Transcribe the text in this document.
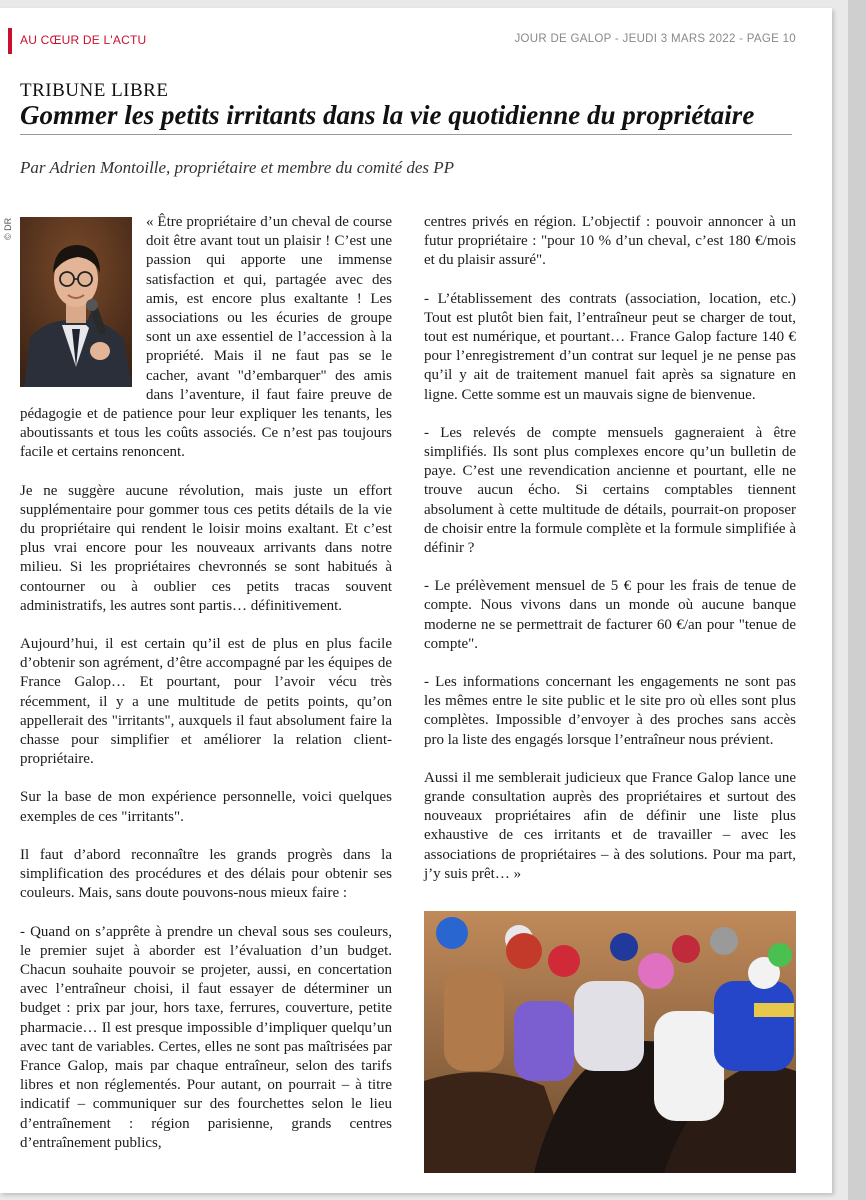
AU CŒUR DE L'ACTU	JOUR DE GALOP - JEUDI 3 MARS 2022 - PAGE 10
TRIBUNE LIBRE
Gommer les petits irritants dans la vie quotidienne du propriétaire
Par Adrien Montoille, propriétaire et membre du comité des PP
© DR	« Être propriétaire d’un cheval de course doit être avant tout un plaisir ! C’est une passion qui apporte une immense satisfaction et qui, partagée avec des amis, est encore plus exaltante ! Les associations ou les écuries de groupe sont un axe essentiel de l’accession à la propriété. Mais il ne faut pas se le cacher, avant "d’embarquer" des amis dans l’aventure, il faut faire preuve de pédagogie et de patience pour leur expliquer les tenants, les aboutissants et tous les coûts associés. Ce n’est pas toujours facile et certains renoncent.

Je ne suggère aucune révolution, mais juste un effort supplémentaire pour gommer tous ces petits détails de la vie du propriétaire qui rendent le loisir moins exaltant. Et c’est plus vrai encore pour les nouveaux arrivants dans notre milieu. Si les propriétaires chevronnés se sont habitués à contourner ou à oublier ces petits tracas souvent administratifs, les autres sont partis… définitivement.

Aujourd’hui, il est certain qu’il est de plus en plus facile d’obtenir son agrément, d’être accompagné par les équipes de France Galop… Et pourtant, pour l’avoir vécu très récemment, il y a une multitude de petits points, qu’on appellerait des "irritants", auxquels il faut absolument faire la chasse pour simplifier et améliorer la relation client-propriétaire.

Sur la base de mon expérience personnelle, voici quelques exemples de ces "irritants".

Il faut d’abord reconnaître les grands progrès dans la simplification des procédures et des délais pour obtenir ses couleurs. Mais, sans doute pouvons-nous mieux faire :

- Quand on s’apprête à prendre un cheval sous ses couleurs, le premier sujet à aborder est l’évaluation d’un budget. Chacun souhaite pouvoir se projeter, aussi, en concertation avec l’entraîneur choisi, il faut essayer de déterminer un budget : prix par jour, hors taxe, ferrures, couverture, petite pharmacie… Il est presque impossible d’impliquer quelqu’un avec tant de variables. Certes, elles ne sont pas maîtrisées par France Galop, mais par chaque entraîneur, selon des tarifs libres et non réglementés. Pour autant, on pourrait – à titre indicatif – communiquer sur des fourchettes selon le lieu d’entraînement : région parisienne, grands centres d’entraînement publics,

centres privés en région. L’objectif : pouvoir annoncer à un futur propriétaire : "pour 10 % d’un cheval, c’est 180 €/mois et du plaisir assuré".

- L’établissement des contrats (association, location, etc.) Tout est plutôt bien fait, l’entraîneur peut se charger de tout, tout est numérique, et pourtant… France Galop facture 140 € pour l’enregistrement d’un contrat sur lequel je ne pense pas qu’il y ait de traitement manuel fait après sa signature en ligne. Cette somme est un mauvais signe de bienvenue.

- Les relevés de compte mensuels gagneraient à être simplifiés. Ils sont plus complexes encore qu’un bulletin de paye. C’est une revendication ancienne et pourtant, elle ne trouve aucun écho. Si certains comptables tiennent absolument à cette multitude de détails, pourrait-on proposer de choisir entre la formule complète et la formule simplifiée à définir ?

- Le prélèvement mensuel de 5 € pour les frais de tenue de compte. Nous vivons dans un monde où aucune banque moderne ne se permettrait de facturer 60 €/an pour "tenue de compte".

- Les informations concernant les engagements ne sont pas les mêmes entre le site public et le site pro où elles sont plus complètes. Impossible d’envoyer à des proches sans accès pro la liste des engagés lorsque l’entraîneur nous prévient.

Aussi il me semblerait judicieux que France Galop lance une grande consultation auprès des propriétaires et surtout des nouveaux propriétaires afin de définir une liste plus exhaustive de ces irritants et de travailler – avec les associations de propriétaires – à des solutions. Pour ma part, j’y suis prêt… »
